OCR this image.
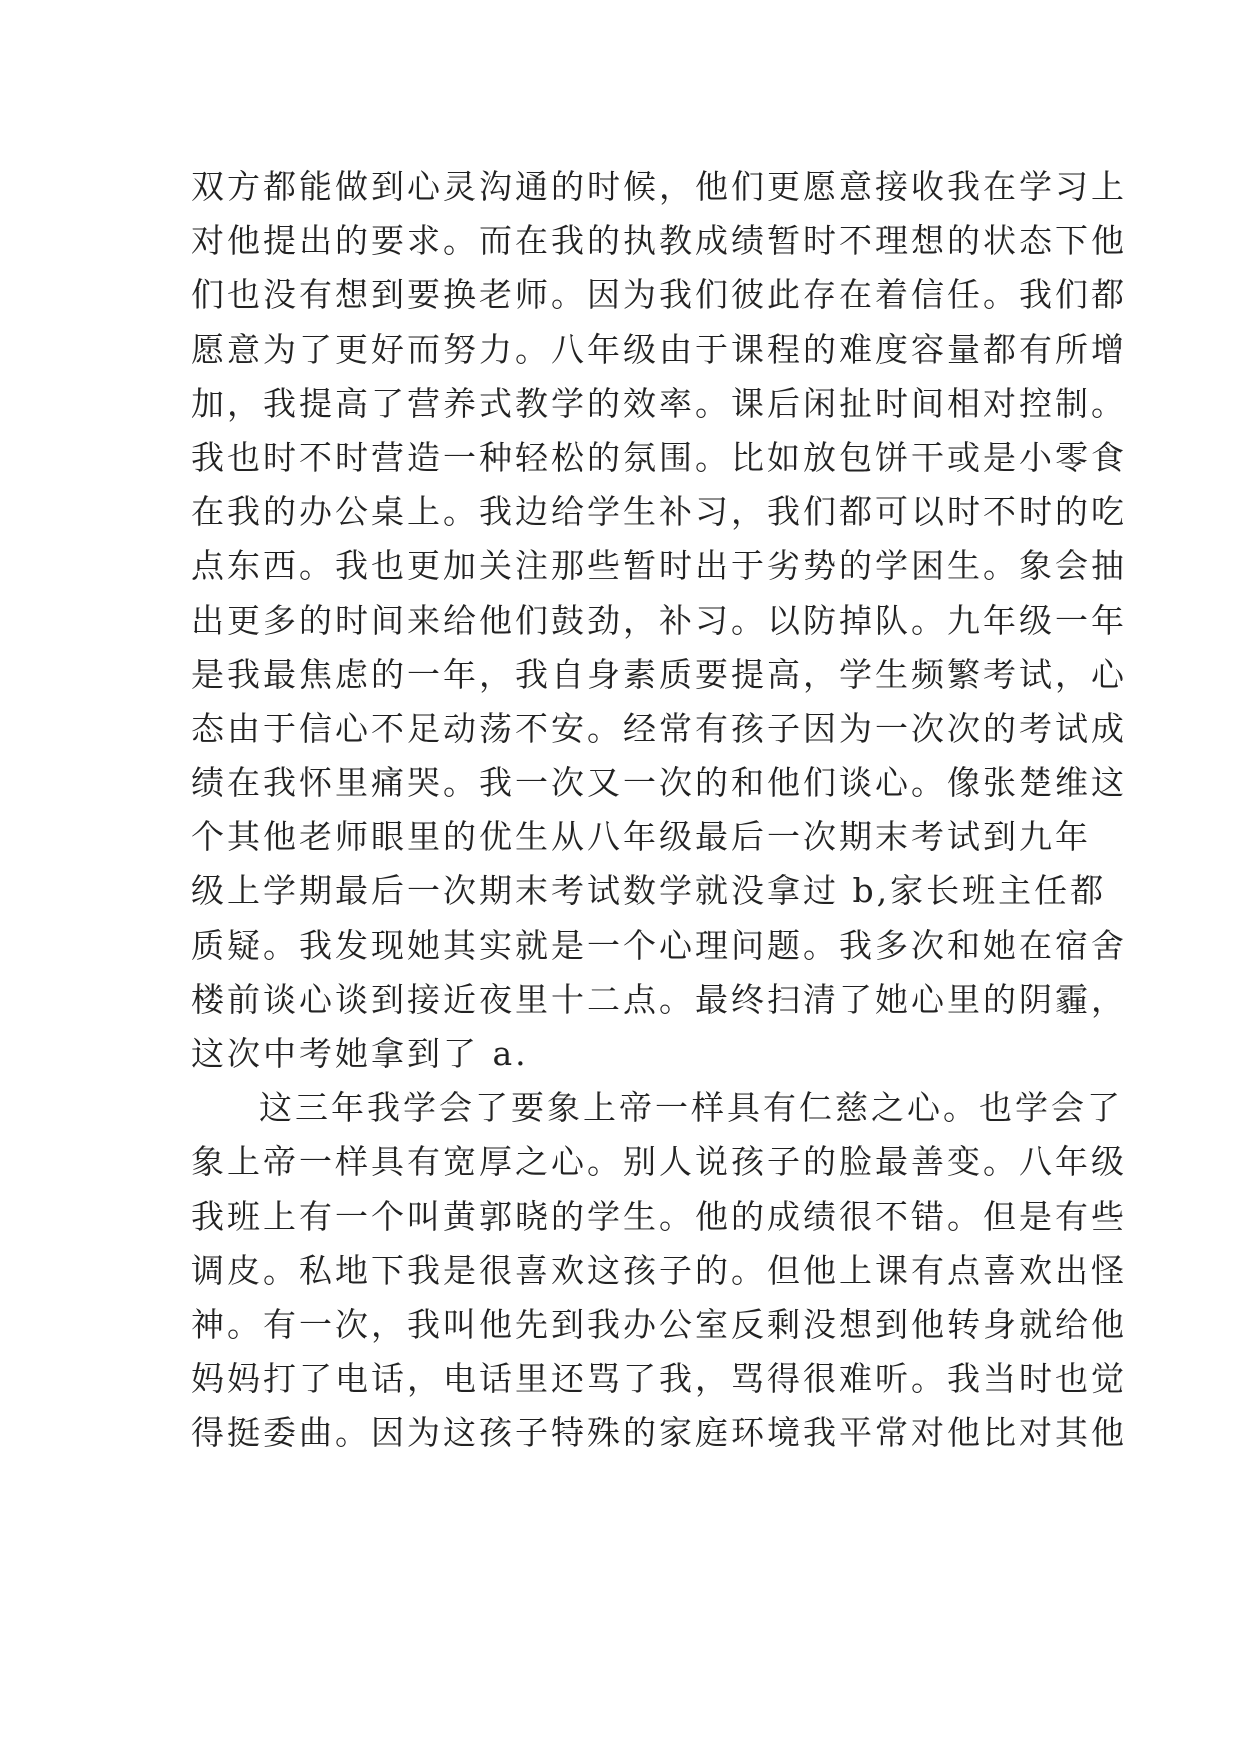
双方都能做到心灵沟通的时候，他们更愿意接收我在学习上
对他提出的要求。而在我的执教成绩暂时不理想的状态下他
们也没有想到要换老师。因为我们彼此存在着信任。我们都
愿意为了更好而努力。八年级由于课程的难度容量都有所增
加，我提高了营养式教学的效率。课后闲扯时间相对控制。
我也时不时营造一种轻松的氛围。比如放包饼干或是小零食
在我的办公桌上。我边给学生补习，我们都可以时不时的吃
点东西。我也更加关注那些暂时出于劣势的学困生。象会抽
出更多的时间来给他们鼓劲，补习。以防掉队。九年级一年
是我最焦虑的一年，我自身素质要提高，学生频繁考试，心
态由于信心不足动荡不安。经常有孩子因为一次次的考试成
绩在我怀里痛哭。我一次又一次的和他们谈心。像张楚维这
个其他老师眼里的优生从八年级最后一次期末考试到九年
级上学期最后一次期末考试数学就没拿过 b,家长班主任都
质疑。我发现她其实就是一个心理问题。我多次和她在宿舍
楼前谈心谈到接近夜里十二点。最终扫清了她心里的阴霾，
这次中考她拿到了 a.
这三年我学会了要象上帝一样具有仁慈之心。也学会了
象上帝一样具有宽厚之心。别人说孩子的脸最善变。八年级
我班上有一个叫黄郭晓的学生。他的成绩很不错。但是有些
调皮。私地下我是很喜欢这孩子的。但他上课有点喜欢出怪
神。有一次，我叫他先到我办公室反剩没想到他转身就给他
妈妈打了电话，电话里还骂了我，骂得很难听。我当时也觉
得挺委曲。因为这孩子特殊的家庭环境我平常对他比对其他
